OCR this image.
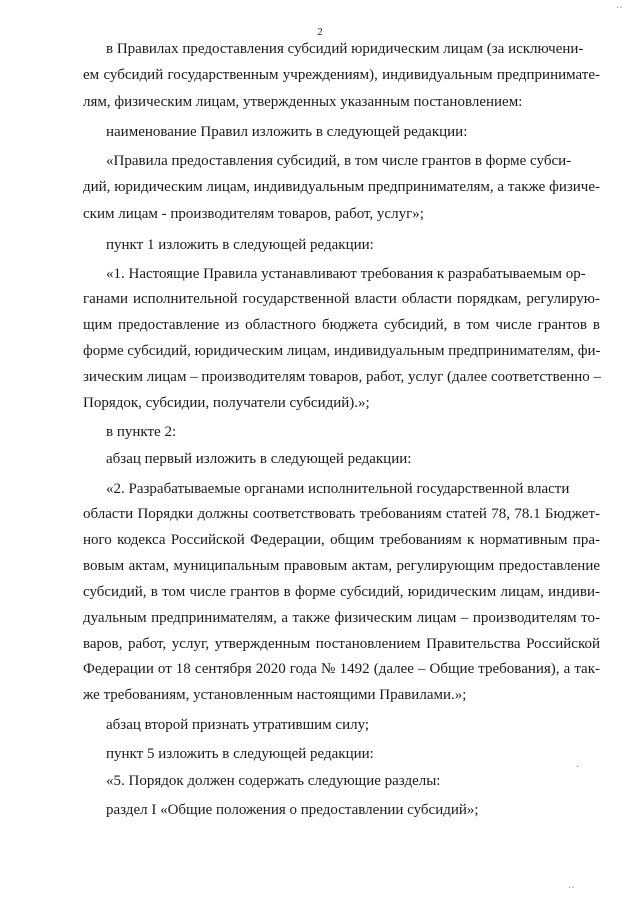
2
в Правилах предоставления субсидий юридическим лицам (за исключени-
ем субсидий государственным учреждениям), индивидуальным предпринимате-
лям, физическим лицам, утвержденных указанным постановлением:
наименование Правил изложить в следующей редакции:
«Правила предоставления субсидий, в том числе грантов в форме субси-
дий, юридическим лицам, индивидуальным предпринимателям, а также физиче-
ским лицам - производителям товаров, работ, услуг»;
пункт 1 изложить в следующей редакции:
«1. Настоящие Правила устанавливают требования к разрабатываемым ор-
ганами исполнительной государственной власти области порядкам, регулирую-
щим предоставление из областного бюджета субсидий, в том числе грантов в
форме субсидий, юридическим лицам, индивидуальным предпринимателям, фи-
зическим лицам – производителям товаров, работ, услуг (далее соответственно –
Порядок, субсидии, получатели субсидий).»;
в пункте 2:
абзац первый изложить в следующей редакции:
«2. Разрабатываемые органами исполнительной государственной власти
области Порядки должны соответствовать требованиям статей 78, 78.1 Бюджет-
ного кодекса Российской Федерации, общим требованиям к нормативным пра-
вовым актам, муниципальным правовым актам, регулирующим предоставление
субсидий, в том числе грантов в форме субсидий, юридическим лицам, индиви-
дуальным предпринимателям, а также физическим лицам – производителям то-
варов, работ, услуг, утвержденным постановлением Правительства Российской
Федерации от 18 сентября 2020 года № 1492 (далее – Общие требования), а так-
же требованиям, установленным настоящими Правилами.»;
абзац второй признать утратившим силу;
пункт 5 изложить в следующей редакции:
«5. Порядок должен содержать следующие разделы:
раздел I «Общие положения о предоставлении субсидий»;
·
‥
‥
